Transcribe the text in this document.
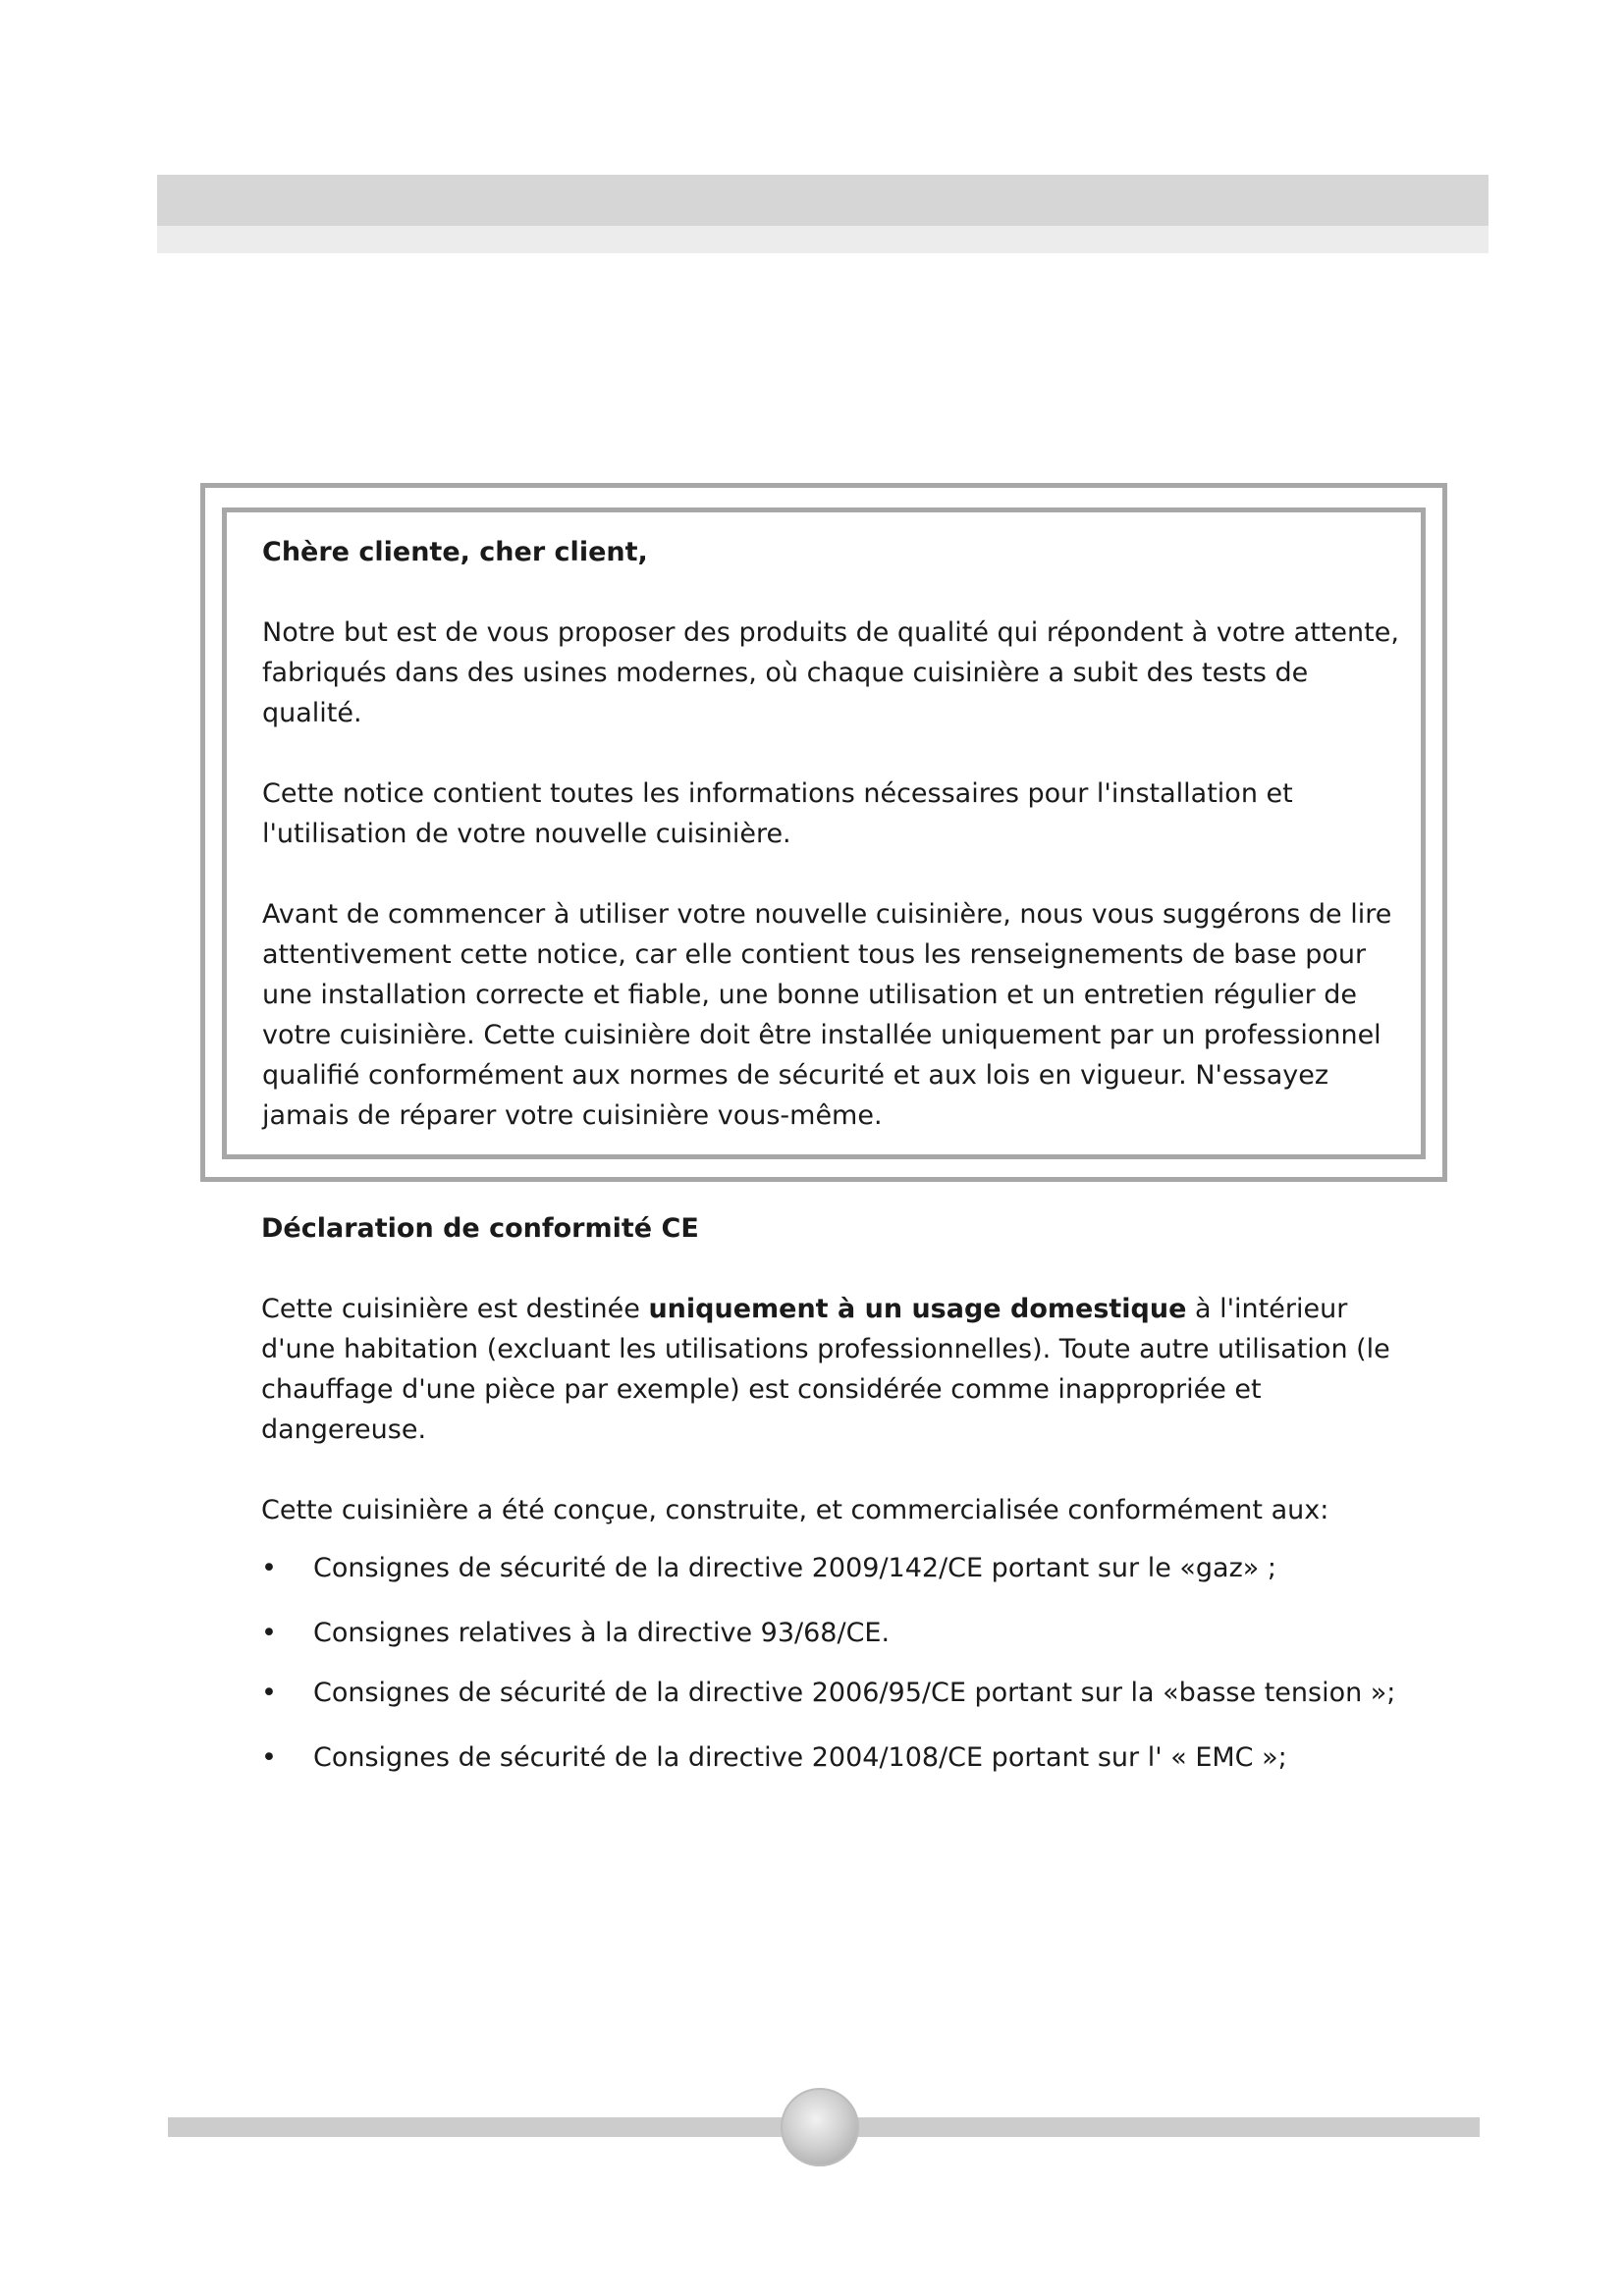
Chère cliente, cher client,

Notre but est de vous proposer des produits de qualité qui répondent à votre attente, fabriqués dans des usines modernes, où chaque cuisinière a subit des tests de qualité.

Cette notice contient toutes les informations nécessaires pour l'installation et l'utilisation de votre nouvelle cuisinière.

Avant de commencer à utiliser votre nouvelle cuisinière, nous vous suggérons de lire attentivement cette notice, car elle contient tous les renseignements de base pour une installation correcte et fiable, une bonne utilisation et un entretien régulier de votre cuisinière. Cette cuisinière doit être installée uniquement par un professionnel qualifié conformément aux normes de sécurité et aux lois en vigueur. N'essayez jamais de réparer votre cuisinière vous-même.

Déclaration de conformité CE

Cette cuisinière est destinée uniquement à un usage domestique à l'intérieur d'une habitation (excluant les utilisations professionnelles). Toute autre utilisation (le chauffage d'une pièce par exemple) est considérée comme inappropriée et dangereuse.

Cette cuisinière a été conçue, construite, et commercialisée conformément aux:

• Consignes de sécurité de la directive 2009/142/CE portant sur le «gaz» ;
• Consignes relatives à la directive 93/68/CE.
• Consignes de sécurité de la directive 2006/95/CE portant sur la «basse tension »;
• Consignes de sécurité de la directive 2004/108/CE portant sur l' « EMC »;
